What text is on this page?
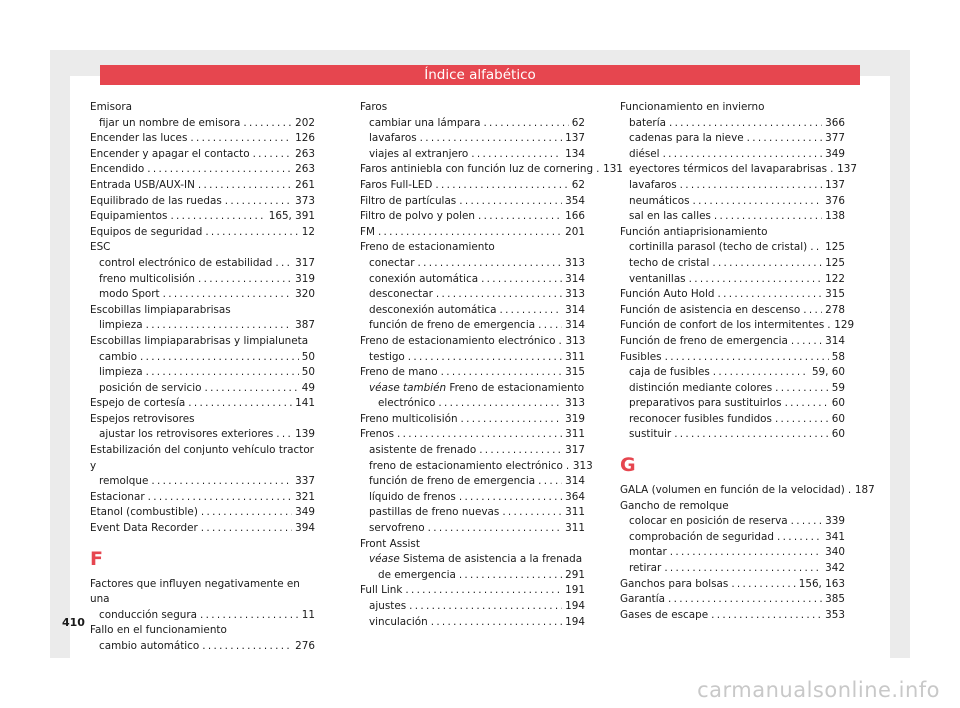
Índice alfabético
Emisora
fijar un nombre de emisora . . .	202
Encender las luces . . .	126
Encender y apagar el contacto . . .	263
Encendido . . .	263
Entrada USB/AUX-IN . . .	261
Equilibrado de las ruedas . . .	373
Equipamientos . . .	165, 391
Equipos de seguridad . . .	12
ESC
control electrónico de estabilidad . . . 317
freno multicolisión . . .	319
modo Sport . . .	320
Escobillas limpiaparabrisas
limpieza . . .	387
Escobillas limpiaparabrisas y limpialuneta
cambio . . .	50
limpieza . . .	50
posición de servicio . . .	49
Espejo de cortesía . . .	141
Espejos retrovisores
ajustar los retrovisores exteriores . . . 139
Estabilización del conjunto vehículo tractor y
remolque . . .	337
Estacionar . . .	321
Etanol (combustible) . . .	349
Event Data Recorder . . .	394
F
Factores que influyen negativamente en una
conducción segura . . .	11
Fallo en el funcionamiento
cambio automático . . .	276
Faros
cambiar una lámpara . . .	62
lavafaros . . .	137
viajes al extranjero . . .	134
Faros antiniebla con función luz de cornering . . . 131
Faros Full-LED . . .	62
Filtro de partículas . . .	354
Filtro de polvo y polen . . .	166
FM . . .	201
Freno de estacionamiento
conectar . . .	313
conexión automática . . .	314
desconectar . . .	313
desconexión automática . . .	314
función de freno de emergencia . . .	314
Freno de estacionamiento electrónico . . . 313
testigo . . .	311
Freno de mano . . .	315
véase también Freno de estacionamiento
electrónico . . .	313
Freno multicolisión . . .	319
Frenos . . .	311
asistente de frenado . . .	317
freno de estacionamiento electrónico . . . 313
función de freno de emergencia . . .	314
líquido de frenos . . .	364
pastillas de freno nuevas . . .	311
servofreno . . .	311
Front Assist
véase Sistema de asistencia a la frenada
de emergencia . . .	291
Full Link . . .	191
ajustes . . .	194
vinculación . . .	194
Funcionamiento en invierno
batería . . .	366
cadenas para la nieve . . .	377
diésel . . .	349
eyectores térmicos del lavaparabrisas . . . 137
lavafaros . . .	137
neumáticos . . .	376
sal en las calles . . .	138
Función antiaprisionamiento
cortinilla parasol (techo de cristal) . . . 125
techo de cristal . . .	125
ventanillas . . .	122
Función Auto Hold . . .	315
Función de asistencia en descenso . . . 278
Función de confort de los intermitentes . . . 129
Función de freno de emergencia . . .	314
Fusibles . . .	58
caja de fusibles . . .	59, 60
distinción mediante colores . . .	59
preparativos para sustituirlos . . .	60
reconocer fusibles fundidos . . .	60
sustituir . . .	60
G
GALA (volumen en función de la velocidad) . . . 187
Gancho de remolque
colocar en posición de reserva . . .	339
comprobación de seguridad . . .	341
montar . . .	340
retirar . . .	342
Ganchos para bolsas . . .	156, 163
Garantía . . .	385
Gases de escape . . .	353
410
carmanualsonline.info
